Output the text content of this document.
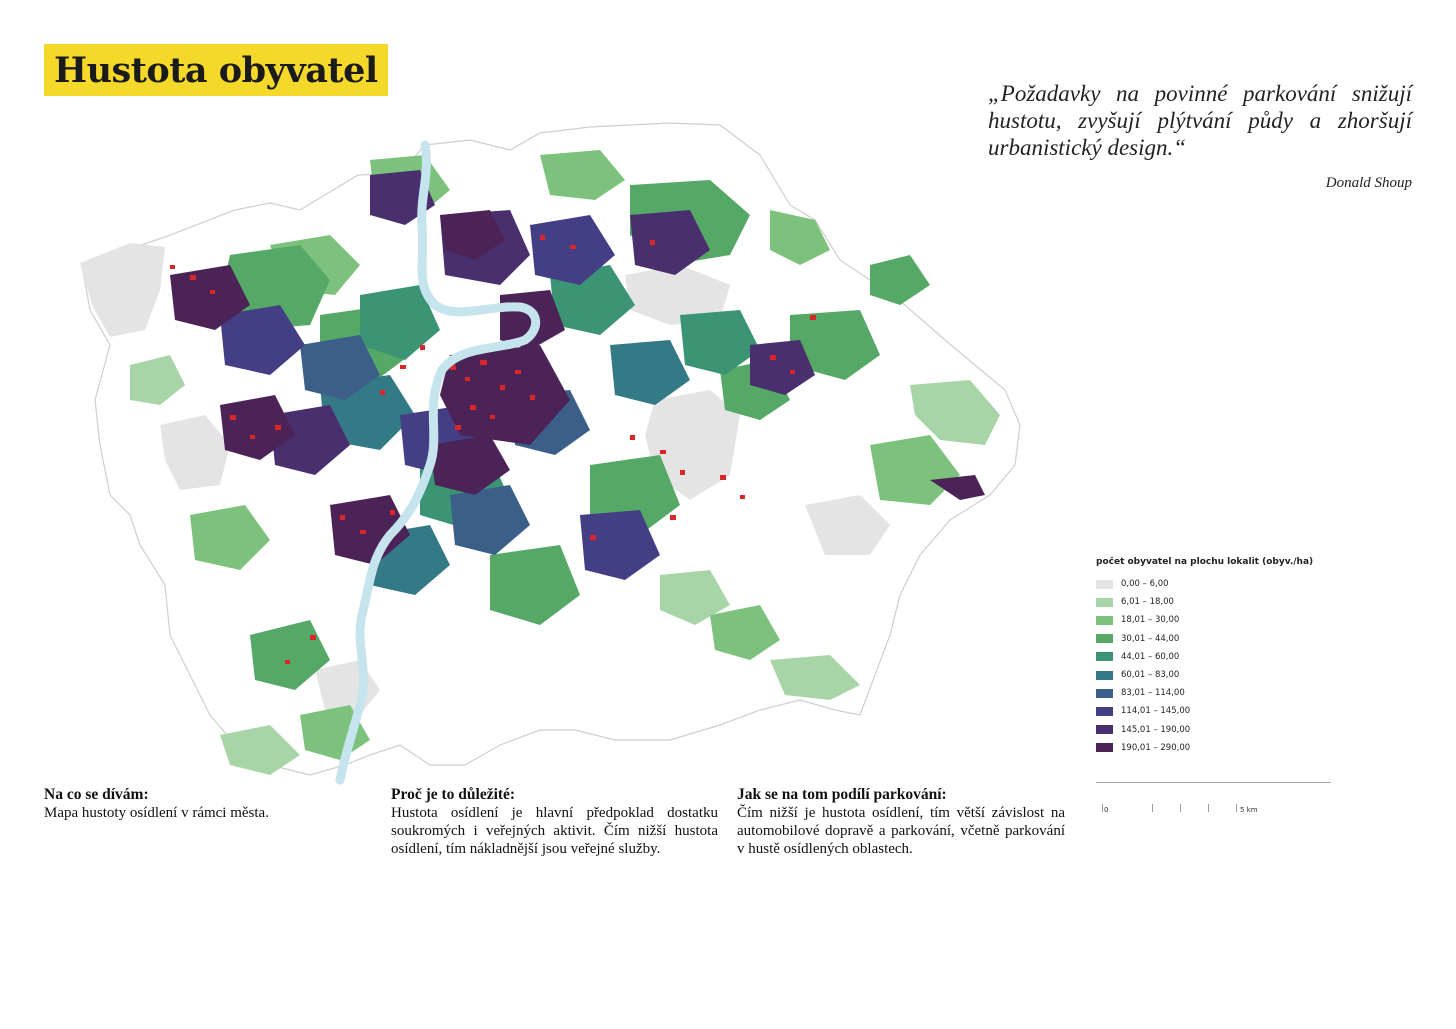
Hustota obyvatel
„Požadavky na povinné parkování snižují hustotu, zvyšují plýtvání půdy a zhoršují urbanistický design.“
Donald Shoup
počet obyvatel na plochu lokalit (obyv./ha)
0,00 – 6,00
6,01 – 18,00
18,01 – 30,00
30,01 – 44,00
44,01 – 60,00
60,01 – 83,00
83,01 – 114,00
114,01 – 145,00
145,01 – 190,00
190,01 – 290,00
0	5 km
Na co se dívám:

Mapa hustoty osídlení v rámci města.

Proč je to důležité:

Hustota osídlení je hlavní předpoklad dostatku soukromých i veřejných aktivit. Čím nižší hustota osídlení, tím nákladnější jsou veřejné služby.

Jak se na tom podílí parkování:

Čím nižší je hustota osídlení, tím větší závislost na automobilové dopravě a parkování, včetně parkování v hustě osídlených oblastech.
